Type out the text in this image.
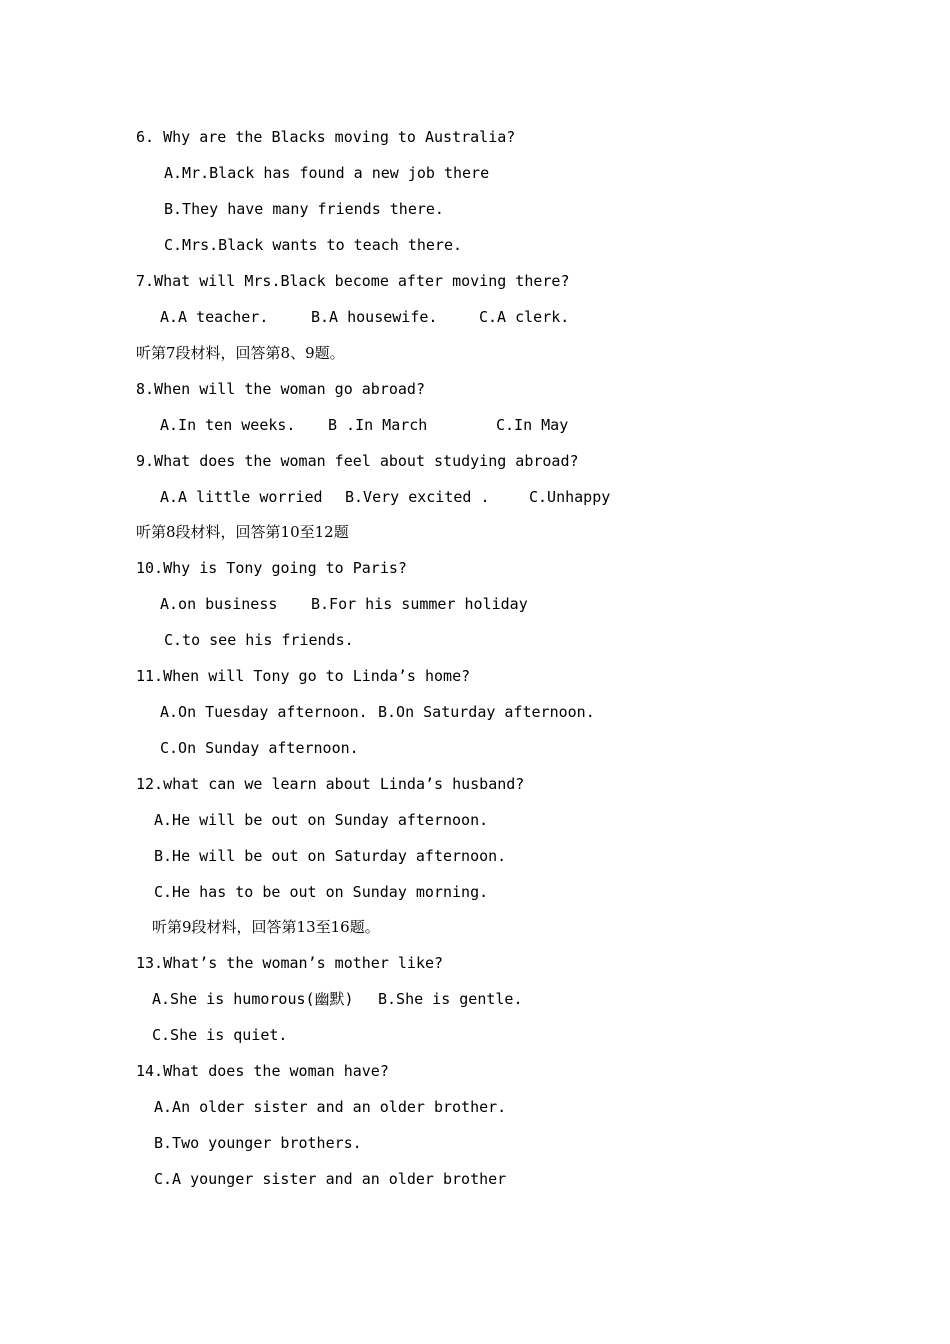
6. Why are the Blacks moving to Australia?
A.Mr.Black has found a new job there
B.They have many friends there.
C.Mrs.Black wants to teach there.
7.What will Mrs.Black become after moving there?
A.A teacher.	B.A housewife.	C.A clerk.
听第7段材料，回答第8、9题。
8.When will the woman go abroad?
A.In ten weeks. B .In March	C.In May
9.What does the woman feel about studying abroad?
A.A little worried B.Very excited .	C.Unhappy
听第8段材料，回答第10至12题
10.Why is Tony going to Paris?
A.on business B.For his summer holiday
C.to see his friends.
11.When will Tony go to Linda’s home?
A.On Tuesday afternoon. B.On Saturday afternoon.
C.On Sunday afternoon.
12.what can we learn about Linda’s husband?
A.He will be out on Sunday afternoon.
B.He will be out on Saturday afternoon.
C.He has to be out on Sunday morning.
听第9段材料，回答第13至16题。
13.What’s the woman’s mother like?
A.She is humorous(幽默) B.She is gentle.
C.She is quiet.
14.What does the woman have?
A.An older sister and an older brother.
B.Two younger brothers.
C.A younger sister and an older brother
